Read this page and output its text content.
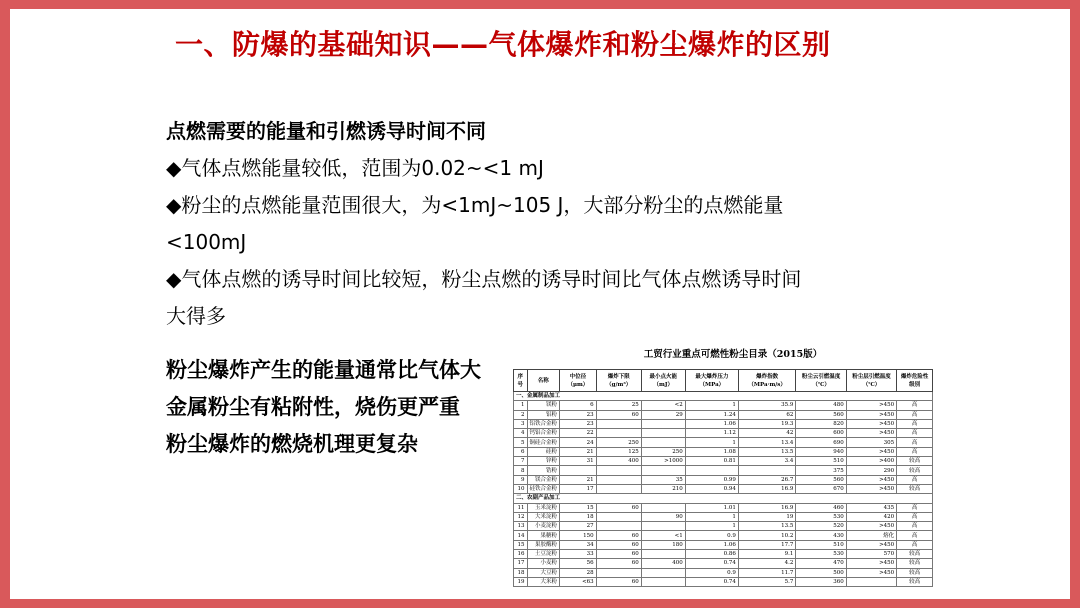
一、防爆的基础知识——气体爆炸和粉尘爆炸的区别
点燃需要的能量和引燃诱导时间不同
◆气体点燃能量较低，范围为0.02~<1 mJ
◆粉尘的点燃能量范围很大，为<1mJ~105 J，大部分粉尘的点燃能量
<100mJ
◆气体点燃的诱导时间比较短，粉尘点燃的诱导时间比气体点燃诱导时间
大得多
粉尘爆炸产生的能量通常比气体大
金属粉尘有粘附性，烧伤更严重
粉尘爆炸的燃烧机理更复杂
工贸行业重点可燃性粉尘目录（2015版）
序号	名称	中位径（μm）	爆炸下限（g/m³）	最小点火能（mJ）	最大爆炸压力（MPa）	爆炸指数（MPa·m/s）	粉尘云引燃温度（℃）	粉尘层引燃温度（℃）	爆炸危险性级别
一、金属制品加工									
1	镁粉	6	25	<2	1	35.9	480	>450	高
2	铝粉	23	60	29	1.24	62	560	>450	高
3	铝铁合金粉	23			1.06	19.3	820	>450	高
4	钙铝合金粉	22			1.12	42	600	>450	高
5	铜硅合金粉	24	250		1	13.4	690	305	高
6	硅粉	21	125	250	1.08	13.5	940	>450	高
7	锌粉	31	400	>1000	0.81	3.4	510	>400	较高
8	锆粉						375	290	较高
9	镁合金粉	21		35	0.99	26.7	560	>450	高
10	硅铁合金粉	17		210	0.94	16.9	670	>450	较高
二、农副产品加工									
11	玉米淀粉	15	60		1.01	16.9	460	435	高
12	大米淀粉	18		90	1	19	530	420	高
13	小麦淀粉	27			1	13.5	520	>450	高
14	果糖粉	150	60	<1	0.9	10.2	430	熔化	高
15	果胶酶粉	34	60	180	1.06	17.7	510	>450	高
16	土豆淀粉	33	60		0.86	9.1	530	570	较高
17	小麦粉	56	60	400	0.74	4.2	470	>450	较高
18	大豆粉	28			0.9	11.7	500	>450	较高
19	大米粉	<63	60		0.74	5.7	360		较高
